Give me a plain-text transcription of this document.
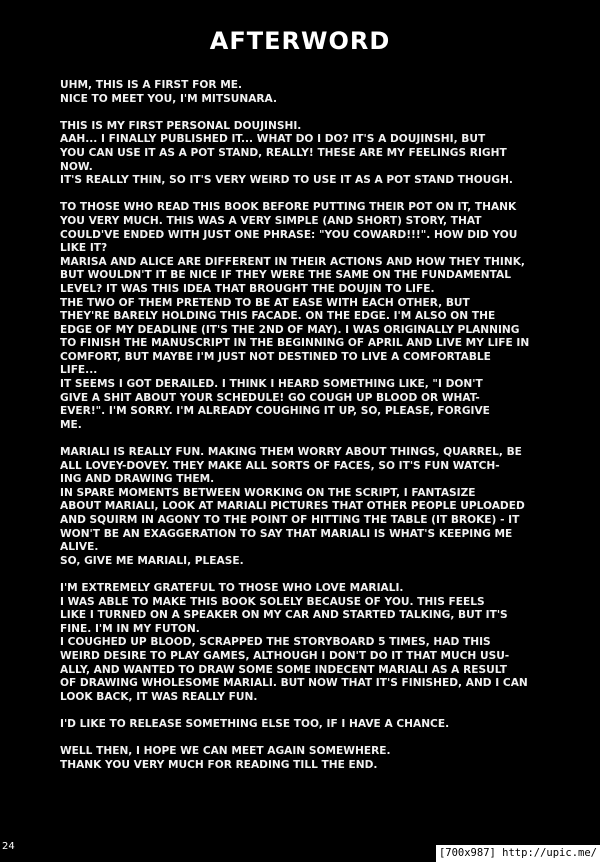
AFTERWORD
UHM, THIS IS A FIRST FOR ME.
NICE TO MEET YOU, I'M MITSUNARA.
THIS IS MY FIRST PERSONAL DOUJINSHI.
AAH... I FINALLY PUBLISHED IT... WHAT DO I DO? IT'S A DOUJINSHI, BUT
YOU CAN USE IT AS A POT STAND, REALLY! THESE ARE MY FEELINGS RIGHT
NOW.
IT'S REALLY THIN, SO IT'S VERY WEIRD TO USE IT AS A POT STAND THOUGH.
TO THOSE WHO READ THIS BOOK BEFORE PUTTING THEIR POT ON IT, THANK
YOU VERY MUCH. THIS WAS A VERY SIMPLE (AND SHORT) STORY, THAT
COULD'VE ENDED WITH JUST ONE PHRASE: "YOU COWARD!!!". HOW DID YOU
LIKE IT?
MARISA AND ALICE ARE DIFFERENT IN THEIR ACTIONS AND HOW THEY THINK,
BUT WOULDN'T IT BE NICE IF THEY WERE THE SAME ON THE FUNDAMENTAL
LEVEL? IT WAS THIS IDEA THAT BROUGHT THE DOUJIN TO LIFE.
THE TWO OF THEM PRETEND TO BE AT EASE WITH EACH OTHER, BUT
THEY'RE BARELY HOLDING THIS FACADE. ON THE EDGE. I'M ALSO ON THE
EDGE OF MY DEADLINE (IT'S THE 2ND OF MAY). I WAS ORIGINALLY PLANNING
TO FINISH THE MANUSCRIPT IN THE BEGINNING OF APRIL AND LIVE MY LIFE IN
COMFORT, BUT MAYBE I'M JUST NOT DESTINED TO LIVE A COMFORTABLE
LIFE...
IT SEEMS I GOT DERAILED. I THINK I HEARD SOMETHING LIKE, "I DON'T
GIVE A SHIT ABOUT YOUR SCHEDULE! GO COUGH UP BLOOD OR WHAT-
EVER!". I'M SORRY. I'M ALREADY COUGHING IT UP, SO, PLEASE, FORGIVE
ME.
MARIALI IS REALLY FUN. MAKING THEM WORRY ABOUT THINGS, QUARREL, BE
ALL LOVEY-DOVEY. THEY MAKE ALL SORTS OF FACES, SO IT'S FUN WATCH-
ING AND DRAWING THEM.
IN SPARE MOMENTS BETWEEN WORKING ON THE SCRIPT, I FANTASIZE
ABOUT MARIALI, LOOK AT MARIALI PICTURES THAT OTHER PEOPLE UPLOADED
AND SQUIRM IN AGONY TO THE POINT OF HITTING THE TABLE (IT BROKE) - IT
WON'T BE AN EXAGGERATION TO SAY THAT MARIALI IS WHAT'S KEEPING ME
ALIVE.
SO, GIVE ME MARIALI, PLEASE.
I'M EXTREMELY GRATEFUL TO THOSE WHO LOVE MARIALI.
I WAS ABLE TO MAKE THIS BOOK SOLELY BECAUSE OF YOU. THIS FEELS
LIKE I TURNED ON A SPEAKER ON MY CAR AND STARTED TALKING, BUT IT'S
FINE. I'M IN MY FUTON.
I COUGHED UP BLOOD, SCRAPPED THE STORYBOARD 5 TIMES, HAD THIS
WEIRD DESIRE TO PLAY GAMES, ALTHOUGH I DON'T DO IT THAT MUCH USU-
ALLY, AND WANTED TO DRAW SOME SOME INDECENT MARIALI AS A RESULT
OF DRAWING WHOLESOME MARIALI. BUT NOW THAT IT'S FINISHED, AND I CAN
LOOK BACK, IT WAS REALLY FUN.
I'D LIKE TO RELEASE SOMETHING ELSE TOO, IF I HAVE A CHANCE.
WELL THEN, I HOPE WE CAN MEET AGAIN SOMEWHERE.
THANK YOU VERY MUCH FOR READING TILL THE END.
24
[700x987] http://upic.me/
